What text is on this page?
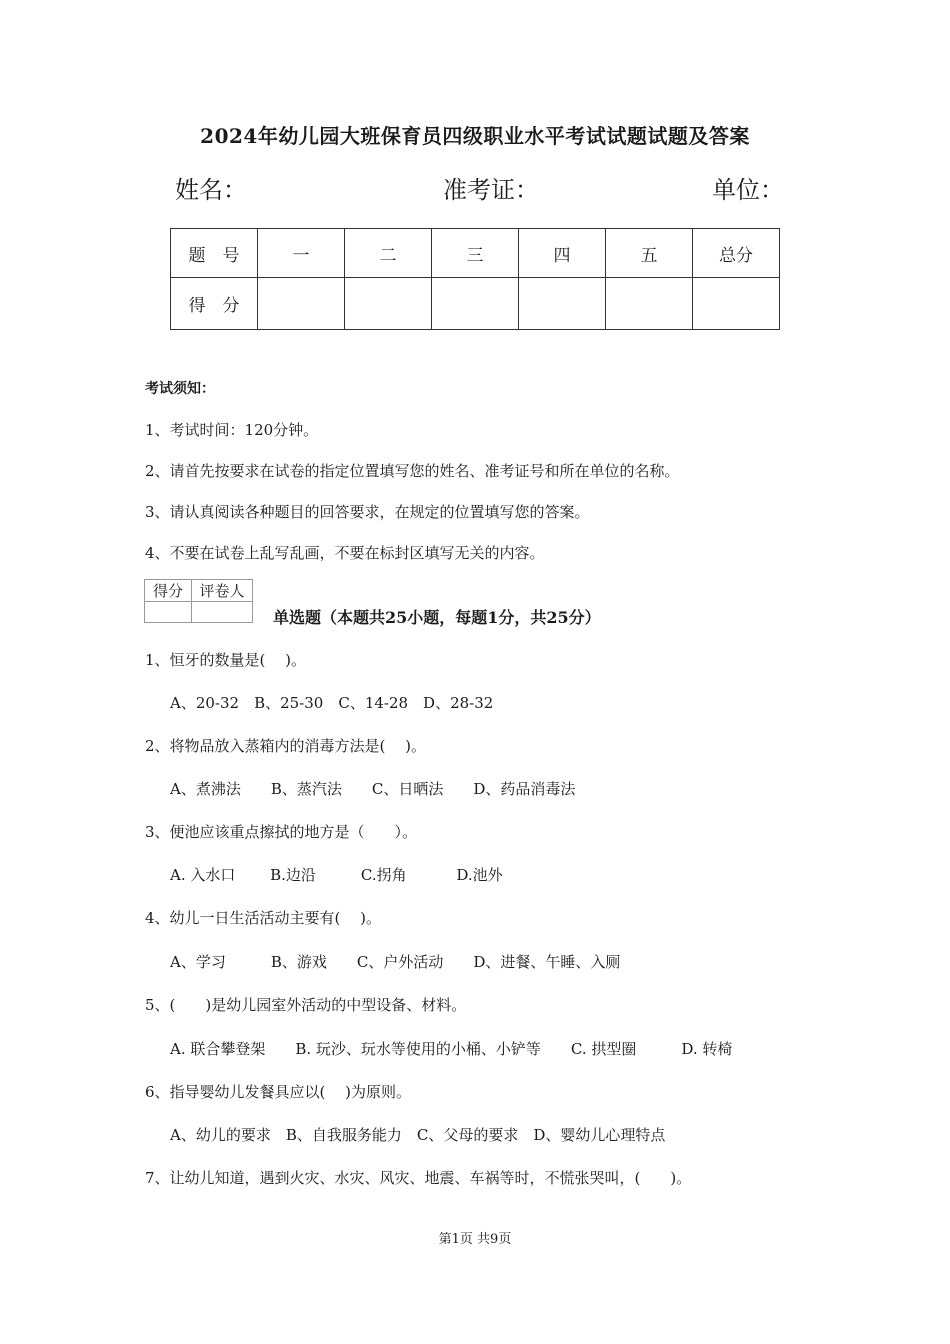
2024年幼儿园大班保育员四级职业水平考试试题试题及答案
姓名：	准考证：	单位：
题　号	一	二	三	四	五	总分
得　分						
考试须知：
1、考试时间：120分钟。
2、请首先按要求在试卷的指定位置填写您的姓名、准考证号和所在单位的名称。
3、请认真阅读各种题目的回答要求，在规定的位置填写您的答案。
4、不要在试卷上乱写乱画，不要在标封区填写无关的内容。
得分	评卷人

单选题（本题共25小题，每题1分，共25分）
1、恒牙的数量是(　 )。
A、20-32　B、25-30　C、14-28　D、28-32
2、将物品放入蒸箱内的消毒方法是(　 )。
A、煮沸法　　B、蒸汽法　　C、日晒法　　D、药品消毒法
3、便池应该重点擦拭的地方是（　　）。
A. 入水口　　 B.边沿　　　C.拐角　　　 D.池外
4、幼儿一日生活活动主要有(　 )。
A、学习　　　B、游戏　　C、户外活动　　D、进餐、午睡、入厕
5、(　　)是幼儿园室外活动的中型设备、材料。
A. 联合攀登架　　B. 玩沙、玩水等使用的小桶、小铲等　　C. 拱型圈　　　D. 转椅
6、指导婴幼儿发餐具应以(　 )为原则。
A、幼儿的要求　B、自我服务能力　C、父母的要求　D、婴幼儿心理特点
7、让幼儿知道，遇到火灾、水灾、风灾、地震、车祸等时，不慌张哭叫，(　　)。
第1页 共9页
